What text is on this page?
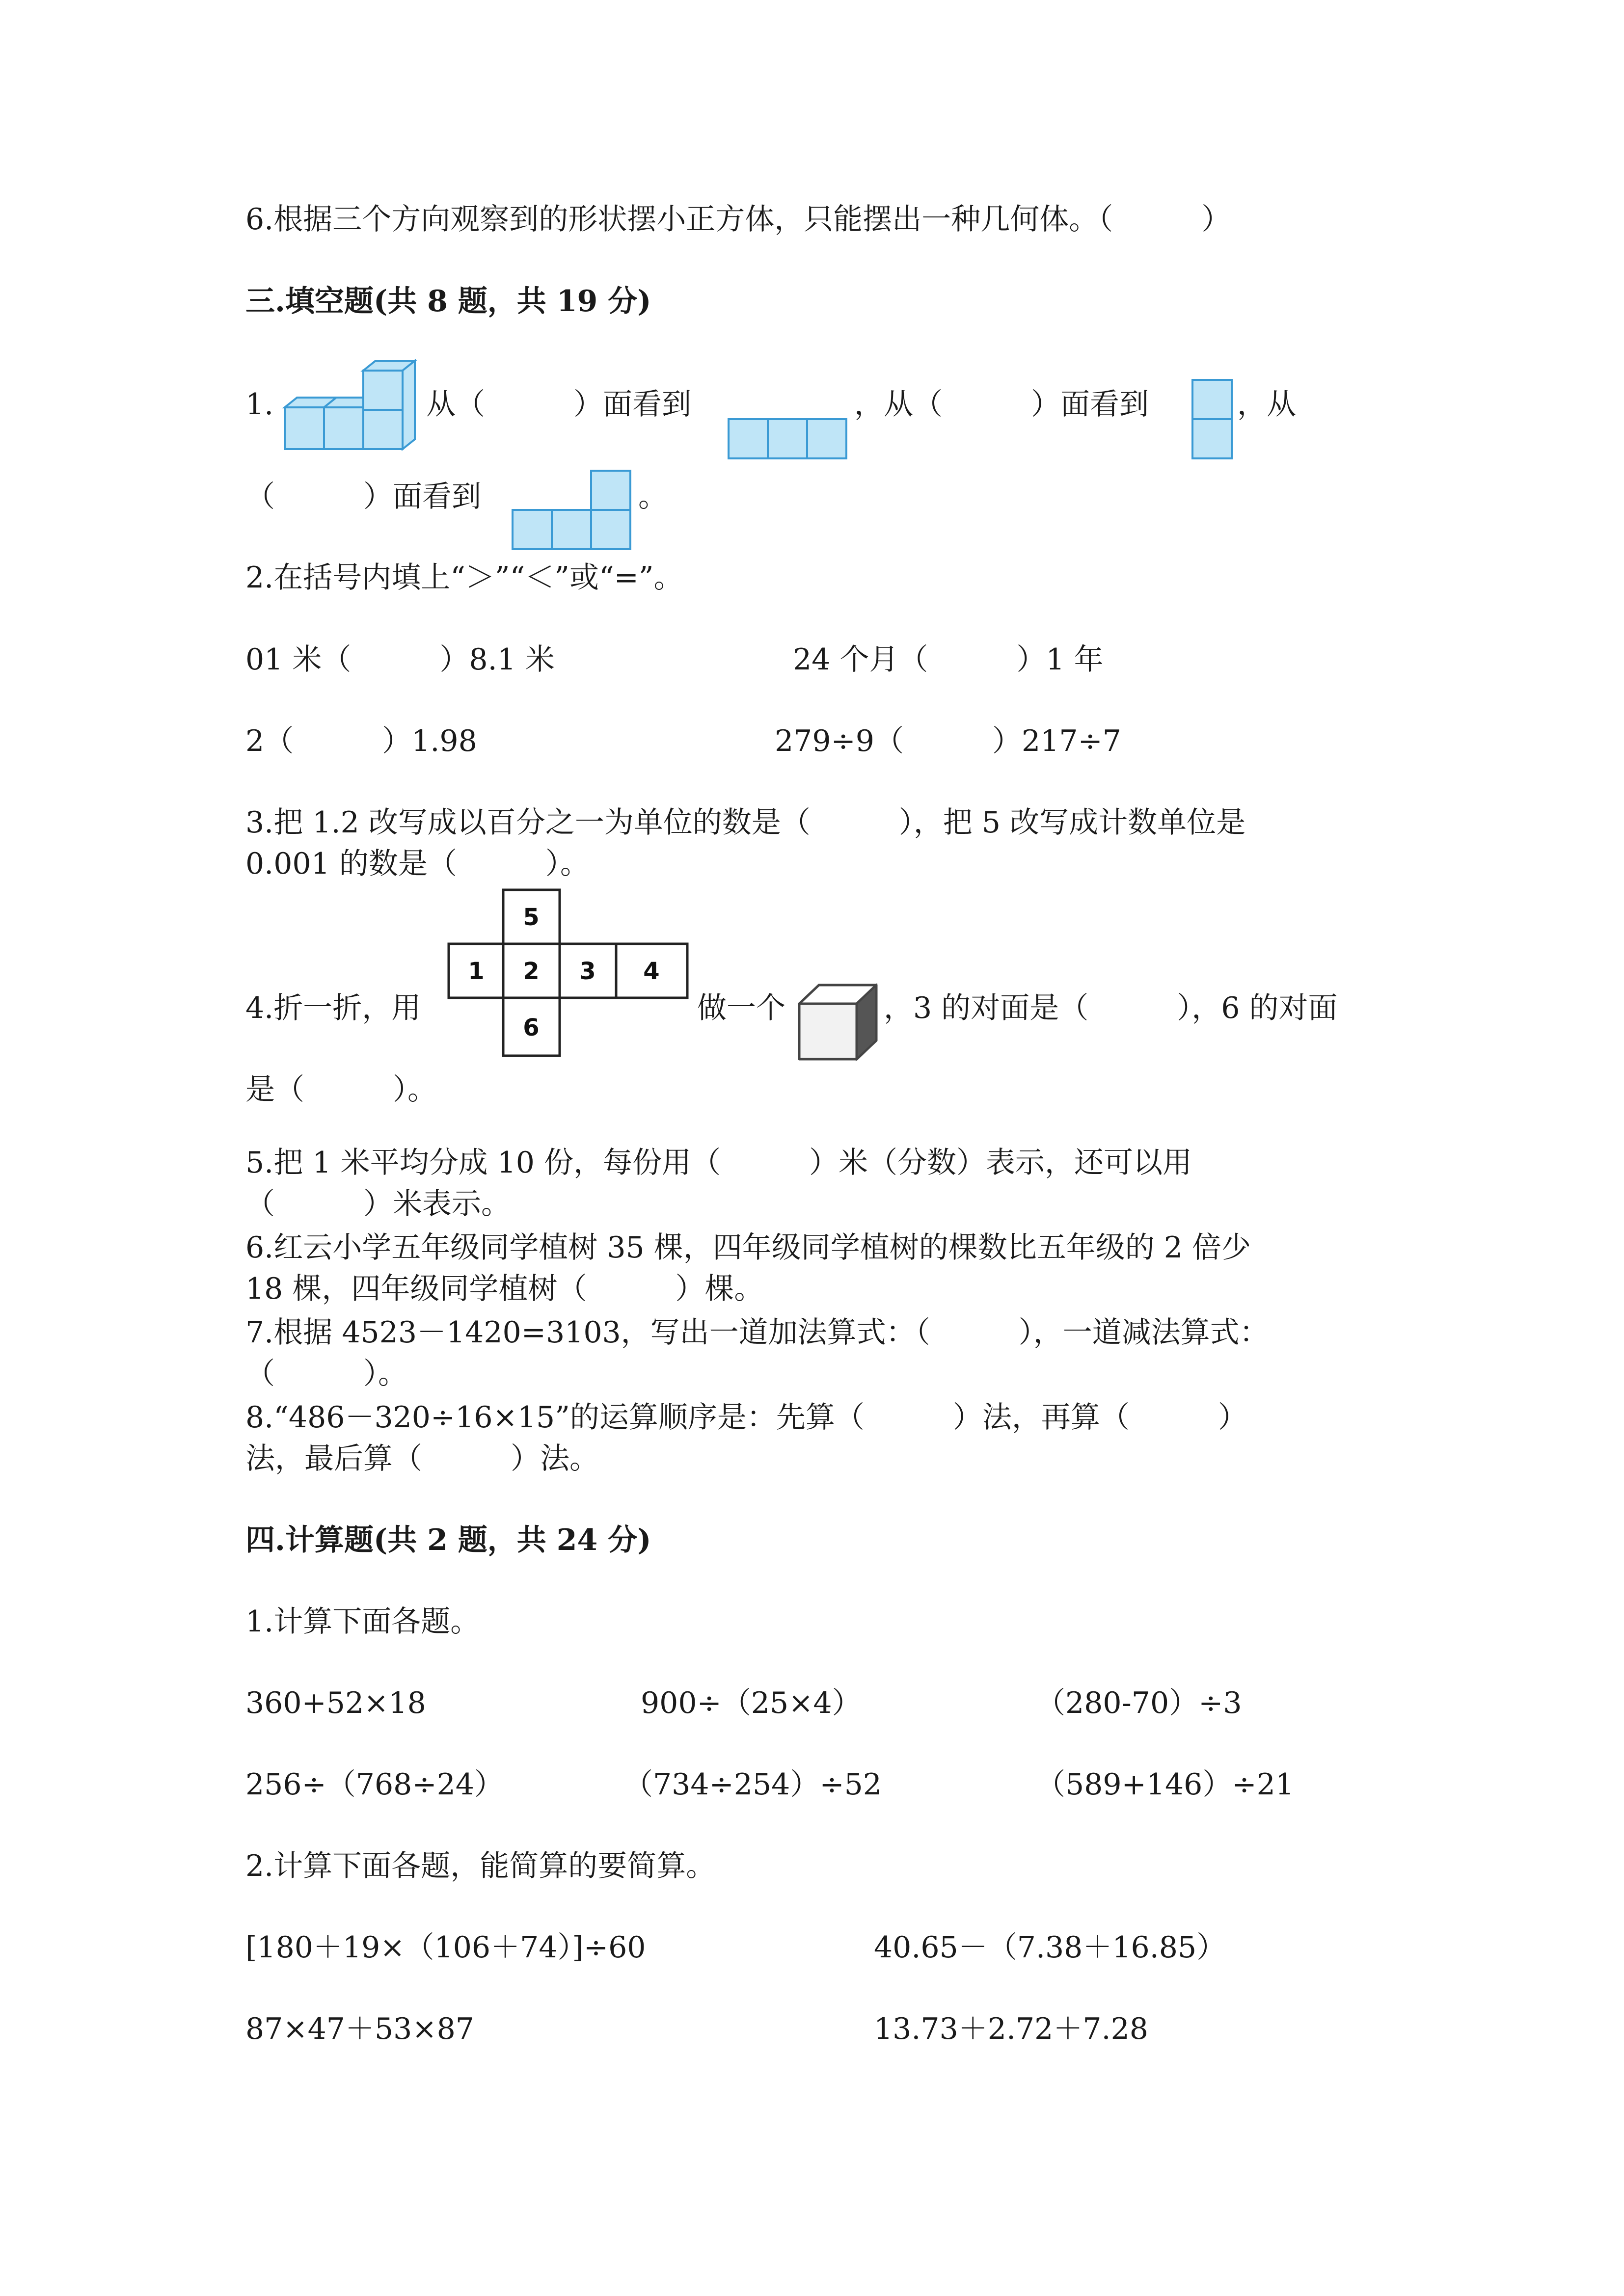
6.根据三个方向观察到的形状摆小正方体，只能摆出一种几何体。（　　　）
三.填空题(共 8 题，共 19 分)
1.	从（　　　）面看到	，从（　　　）面看到	，从
（　　　）面看到	。
2.在括号内填上“＞”“＜”或“=”。
01 米（　　　）8.1 米	24 个月（　　　）1 年
2（　　　）1.98	279÷9（　　　）217÷7
3.把 1.2 改写成以百分之一为单位的数是（　　　），把 5 改写成计数单位是
0.001 的数是（　　　）。
4.折一折，用
5
1 2 3 4
6
做一个	，3 的对面是（　　　），6 的对面
是（　　　）。
5.把 1 米平均分成 10 份，每份用（　　　）米（分数）表示，还可以用
（　　　）米表示。
6.红云小学五年级同学植树 35 棵，四年级同学植树的棵数比五年级的 2 倍少
18 棵，四年级同学植树（　　　）棵。
7.根据 4523－1420=3103，写出一道加法算式：（　　　），一道减法算式：
（　　　）。
8.“486－320÷16×15”的运算顺序是：先算（　　　）法，再算（　　　）
法，最后算（　　　）法。
四.计算题(共 2 题，共 24 分)
1.计算下面各题。
360+52×18	900÷（25×4）	（280-70）÷3
256÷（768÷24）	（734÷254）÷52	（589+146）÷21
2.计算下面各题，能简算的要简算。
[180＋19×（106＋74）]÷60	40.65－（7.38＋16.85）
87×47＋53×87	13.73＋2.72＋7.28
